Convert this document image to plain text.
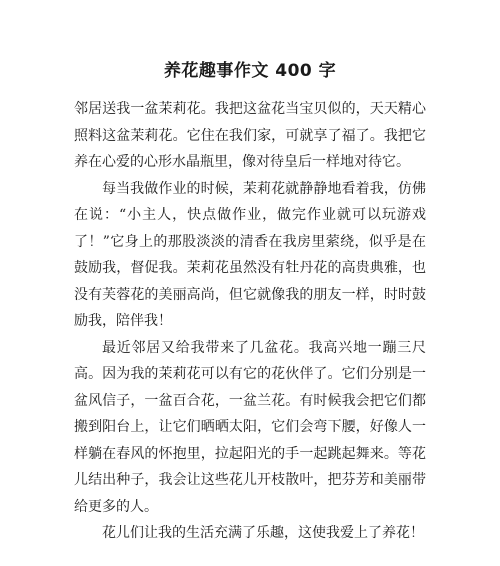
养花趣事作文 400 字

邻居送我一盆茉莉花。我把这盆花当宝贝似的，天天精心照料这盆茉莉花。它住在我们家，可就享了福了。我把它养在心爱的心形水晶瓶里，像对待皇后一样地对待它。

每当我做作业的时候，茉莉花就静静地看着我，仿佛在说：“小主人，快点做作业，做完作业就可以玩游戏了！”它身上的那股淡淡的清香在我房里萦绕，似乎是在鼓励我，督促我。茉莉花虽然没有牡丹花的高贵典雅，也没有芙蓉花的美丽高尚，但它就像我的朋友一样，时时鼓励我，陪伴我！

最近邻居又给我带来了几盆花。我高兴地一蹦三尺高。因为我的茉莉花可以有它的花伙伴了。它们分别是一盆风信子，一盆百合花，一盆兰花。有时候我会把它们都搬到阳台上，让它们晒晒太阳，它们会弯下腰，好像人一样躺在春风的怀抱里，拉起阳光的手一起跳起舞来。等花儿结出种子，我会让这些花儿开枝散叶，把芬芳和美丽带给更多的人。

花儿们让我的生活充满了乐趣，这使我爱上了养花！
